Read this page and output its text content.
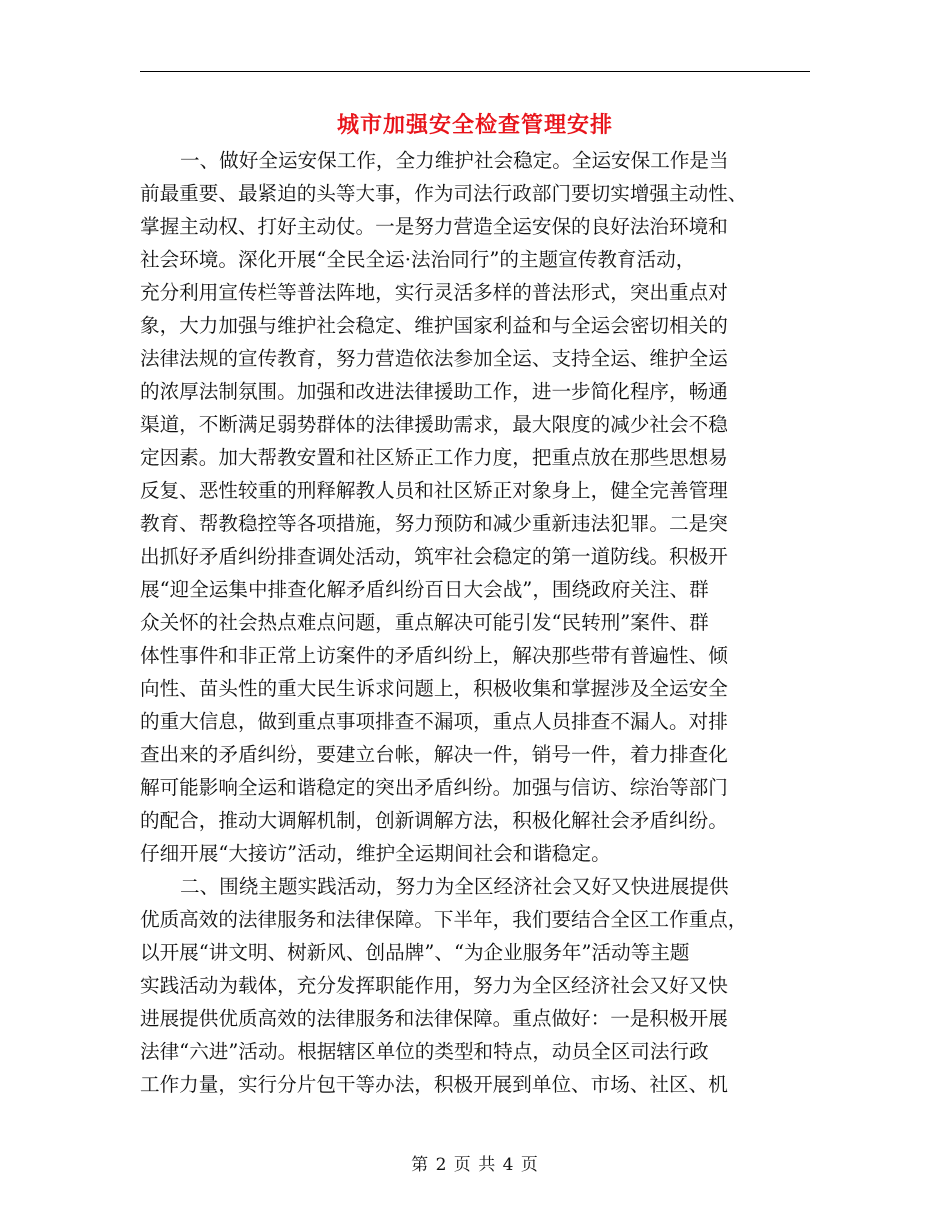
城市加强安全检查管理安排
一、做好全运安保工作，全力维护社会稳定。全运安保工作是当
前最重要、最紧迫的头等大事，作为司法行政部门要切实增强主动性、
掌握主动权、打好主动仗。一是努力营造全运安保的良好法治环境和
社会环境。深化开展“全民全运·法治同行”的主题宣传教育活动，
充分利用宣传栏等普法阵地，实行灵活多样的普法形式，突出重点对
象，大力加强与维护社会稳定、维护国家利益和与全运会密切相关的
法律法规的宣传教育，努力营造依法参加全运、支持全运、维护全运
的浓厚法制氛围。加强和改进法律援助工作，进一步简化程序，畅通
渠道，不断满足弱势群体的法律援助需求，最大限度的减少社会不稳
定因素。加大帮教安置和社区矫正工作力度，把重点放在那些思想易
反复、恶性较重的刑释解教人员和社区矫正对象身上，健全完善管理
教育、帮教稳控等各项措施，努力预防和减少重新违法犯罪。二是突
出抓好矛盾纠纷排查调处活动，筑牢社会稳定的第一道防线。积极开
展“迎全运集中排查化解矛盾纠纷百日大会战”，围绕政府关注、群
众关怀的社会热点难点问题，重点解决可能引发“民转刑”案件、群
体性事件和非正常上访案件的矛盾纠纷上，解决那些带有普遍性、倾
向性、苗头性的重大民生诉求问题上，积极收集和掌握涉及全运安全
的重大信息，做到重点事项排查不漏项，重点人员排查不漏人。对排
查出来的矛盾纠纷，要建立台帐，解决一件，销号一件，着力排查化
解可能影响全运和谐稳定的突出矛盾纠纷。加强与信访、综治等部门
的配合，推动大调解机制，创新调解方法，积极化解社会矛盾纠纷。
仔细开展“大接访”活动，维护全运期间社会和谐稳定。
二、围绕主题实践活动，努力为全区经济社会又好又快进展提供
优质高效的法律服务和法律保障。下半年，我们要结合全区工作重点，
以开展“讲文明、树新风、创品牌”、“为企业服务年”活动等主题
实践活动为载体，充分发挥职能作用，努力为全区经济社会又好又快
进展提供优质高效的法律服务和法律保障。重点做好：一是积极开展
法律“六进”活动。根据辖区单位的类型和特点，动员全区司法行政
工作力量，实行分片包干等办法，积极开展到单位、市场、社区、机
第 2 页 共 4 页
